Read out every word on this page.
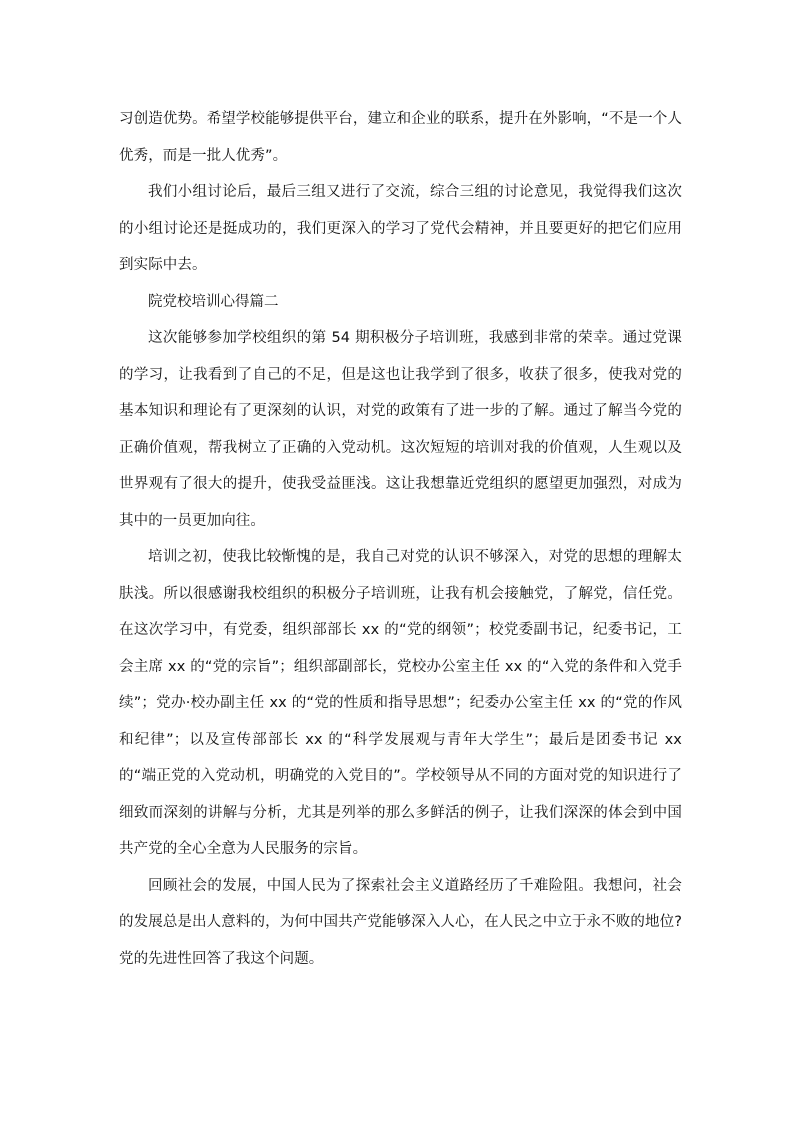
习创造优势。希望学校能够提供平台，建立和企业的联系，提升在外影响，“不是一个人优秀，而是一批人优秀”。

我们小组讨论后，最后三组又进行了交流，综合三组的讨论意见，我觉得我们这次的小组讨论还是挺成功的，我们更深入的学习了党代会精神，并且要更好的把它们应用到实际中去。

院党校培训心得篇二

这次能够参加学校组织的第 54 期积极分子培训班，我感到非常的荣幸。通过党课的学习，让我看到了自己的不足，但是这也让我学到了很多，收获了很多，使我对党的基本知识和理论有了更深刻的认识，对党的政策有了进一步的了解。通过了解当今党的正确价值观，帮我树立了正确的入党动机。这次短短的培训对我的价值观，人生观以及世界观有了很大的提升，使我受益匪浅。这让我想靠近党组织的愿望更加强烈，对成为其中的一员更加向往。

培训之初，使我比较惭愧的是，我自己对党的认识不够深入，对党的思想的理解太肤浅。所以很感谢我校组织的积极分子培训班，让我有机会接触党，了解党，信任党。在这次学习中，有党委，组织部部长 xx 的“党的纲领”；校党委副书记，纪委书记，工会主席 xx 的“党的宗旨”；组织部副部长，党校办公室主任 xx 的“入党的条件和入党手续”；党办·校办副主任 xx 的“党的性质和指导思想”；纪委办公室主任 xx 的“党的作风和纪律”；以及宣传部部长 xx 的“科学发展观与青年大学生”；最后是团委书记 xx 的“端正党的入党动机，明确党的入党目的”。学校领导从不同的方面对党的知识进行了细致而深刻的讲解与分析，尤其是列举的那么多鲜活的例子，让我们深深的体会到中国共产党的全心全意为人民服务的宗旨。

回顾社会的发展，中国人民为了探索社会主义道路经历了千难险阻。我想问，社会的发展总是出人意料的，为何中国共产党能够深入人心，在人民之中立于永不败的地位?党的先进性回答了我这个问题。
